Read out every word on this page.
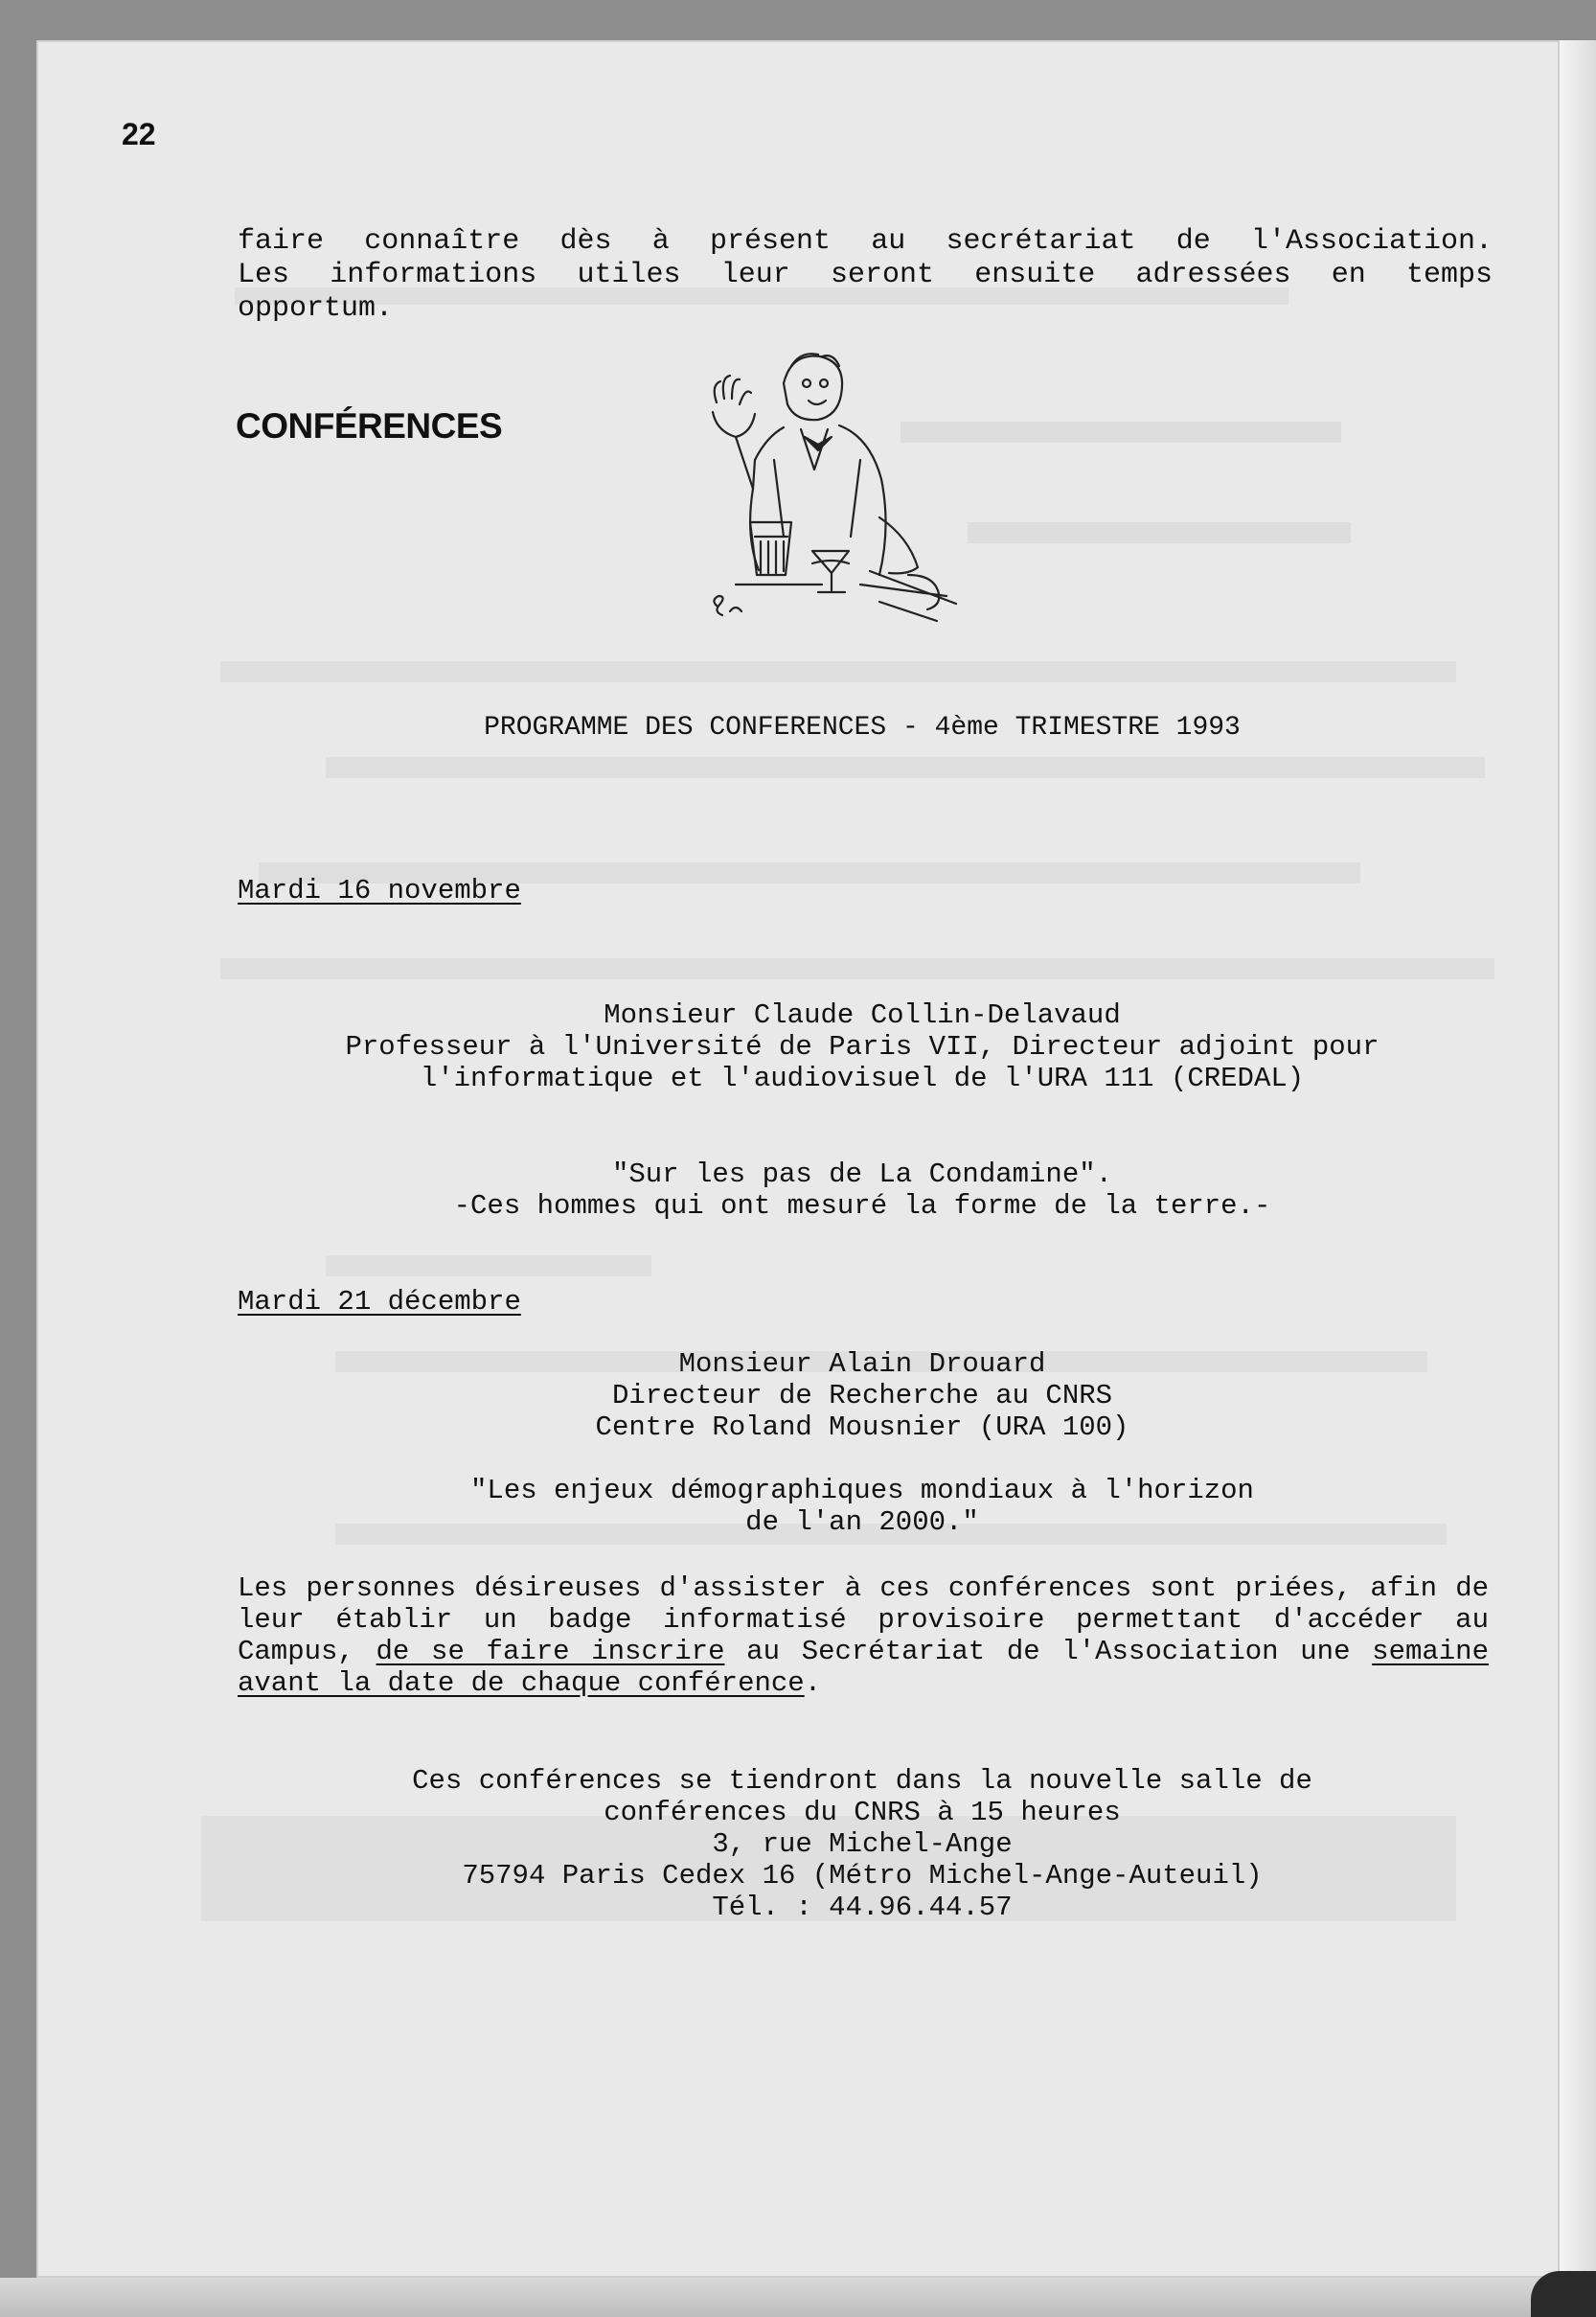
22
faire connaître dès à présent au secrétariat de l'Association.
Les informations utiles leur seront ensuite adressées en temps
opportum.
CONFÉRENCES
PROGRAMME DES CONFERENCES - 4ème TRIMESTRE 1993
Mardi 16 novembre
Monsieur Claude Collin-Delavaud
Professeur à l'Université de Paris VII, Directeur adjoint pour
l'informatique et l'audiovisuel de l'URA 111 (CREDAL)
"Sur les pas de La Condamine".
-Ces hommes qui ont mesuré la forme de la terre.-
Mardi 21 décembre
Monsieur Alain Drouard
Directeur de Recherche au CNRS
Centre Roland Mousnier (URA 100)
"Les enjeux démographiques mondiaux à l'horizon
de l'an 2000."
Les personnes désireuses d'assister à ces conférences sont priées, afin de leur établir un badge informatisé provisoire permettant d'accéder au Campus, de se faire inscrire au Secrétariat de l'Association une semaine avant la date de chaque conférence.
Ces conférences se tiendront dans la nouvelle salle de
conférences du CNRS à 15 heures
3, rue Michel-Ange
75794 Paris Cedex 16 (Métro Michel-Ange-Auteuil)
Tél. : 44.96.44.57
